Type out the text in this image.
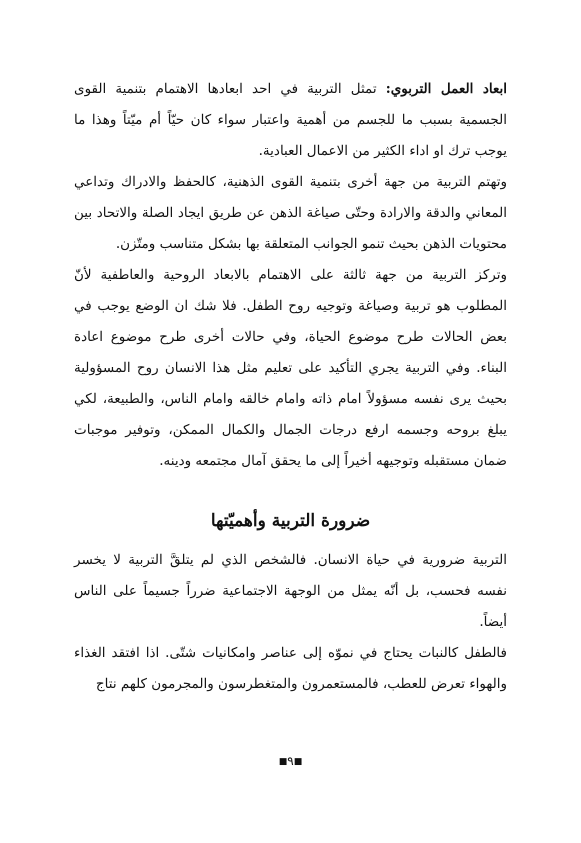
ابعاد العمل التربوي: تمثل التربية في احد ابعادها الاهتمام بتنمية القوى الجسمية بسبب ما للجسم من أهمية واعتبار سواء كان حيّاً أم ميّتاً وهذا ما يوجب ترك او اداء الكثير من الاعمال العبادية.

وتهتم التربية من جهة أخرى بتنمية القوى الذهنية، كالحفظ والادراك وتداعي المعاني والدقة والارادة وحتّى صياغة الذهن عن طريق ايجاد الصلة والاتحاد بين محتويات الذهن بحيث تنمو الجوانب المتعلقة بها بشكل متناسب ومتّزن.

وتركز التربية من جهة ثالثة على الاهتمام بالابعاد الروحية والعاطفية لأنّ المطلوب هو تربية وصياغة وتوجيه روح الطفل. فلا شك ان الوضع يوجب في بعض الحالات طرح موضوع الحياة، وفي حالات أخرى طرح موضوع اعادة البناء. وفي التربية يجري التأكيد على تعليم مثل هذا الانسان روح المسؤولية بحيث يرى نفسه مسؤولاً امام ذاته وامام خالقه وامام الناس، والطبيعة، لكي يبلغ بروحه وجسمه ارفع درجات الجمال والكمال الممكن، وتوفير موجبات ضمان مستقبله وتوجيهه أخيراً إلى ما يحقق آمال مجتمعه ودينه.

ضرورة التربية وأهميّتها

التربية ضرورية في حياة الانسان. فالشخص الذي لم يتلقَّ التربية لا يخسر نفسه فحسب، بل أنّه يمثل من الوجهة الاجتماعية ضرراً جسيماً على الناس أيضاً.

فالطفل كالنبات يحتاج في نموّه إلى عناصر وامكانيات شتّى. اذا افتقد الغذاء والهواء تعرض للعطب، فالمستعمرون والمتغطرسون والمجرمون كلهم نتاج

■٩■
